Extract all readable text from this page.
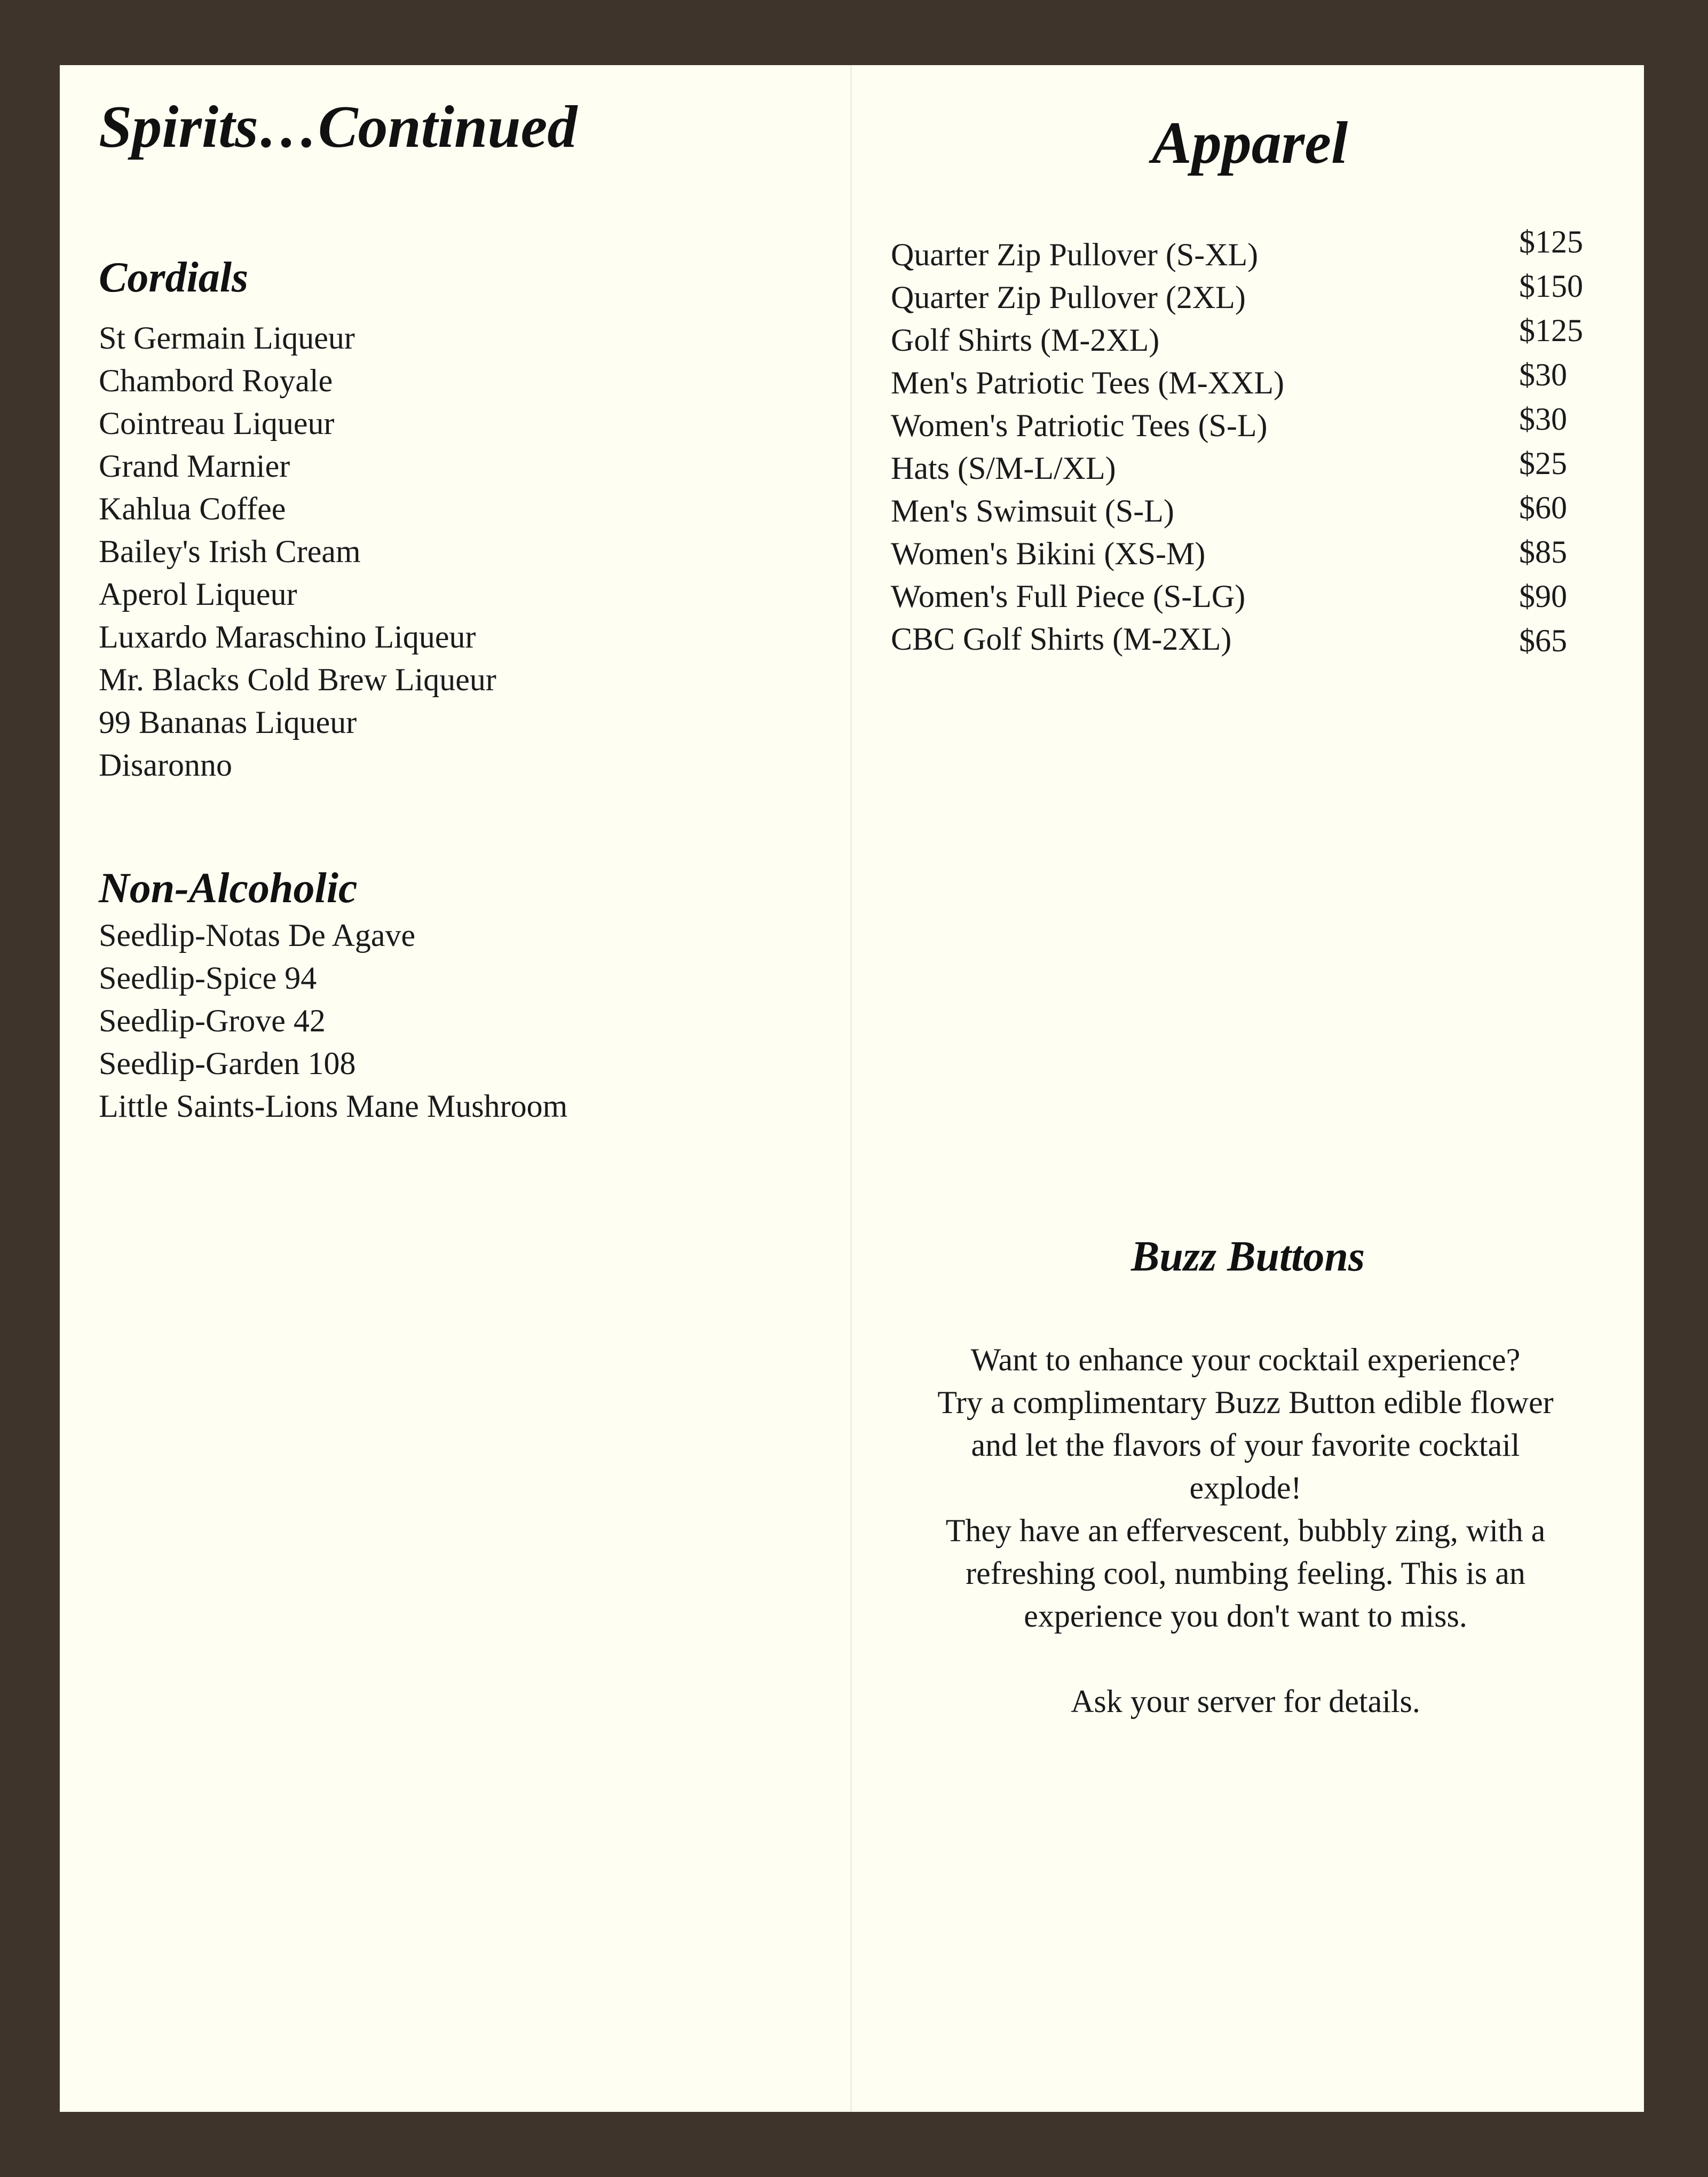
Spirits…Continued
Cordials
St Germain Liqueur
Chambord Royale
Cointreau Liqueur
Grand Marnier
Kahlua Coffee
Bailey's Irish Cream
Aperol Liqueur
Luxardo Maraschino Liqueur
Mr. Blacks Cold Brew Liqueur
99 Bananas Liqueur
Disaronno
Non-Alcoholic
Seedlip-Notas De Agave
Seedlip-Spice 94
Seedlip-Grove 42
Seedlip-Garden 108
Little Saints-Lions Mane Mushroom
Apparel
Quarter Zip Pullover (S-XL)
Quarter Zip Pullover (2XL)
Golf Shirts (M-2XL)
Men's Patriotic Tees (M-XXL)
Women's Patriotic Tees (S-L)
Hats (S/M-L/XL)
Men's Swimsuit (S-L)
Women's Bikini (XS-M)
Women's Full Piece (S-LG)
CBC Golf Shirts (M-2XL)
$125
$150
$125
$30
$30
$25
$60
$85
$90
$65
Buzz Buttons

Want to enhance your cocktail experience?

Try a complimentary Buzz Button edible flower

and let the flavors of your favorite cocktail

explode!

They have an effervescent, bubbly zing, with a

refreshing cool, numbing feeling. This is an

experience you don't want to miss.

Ask your server for details.
